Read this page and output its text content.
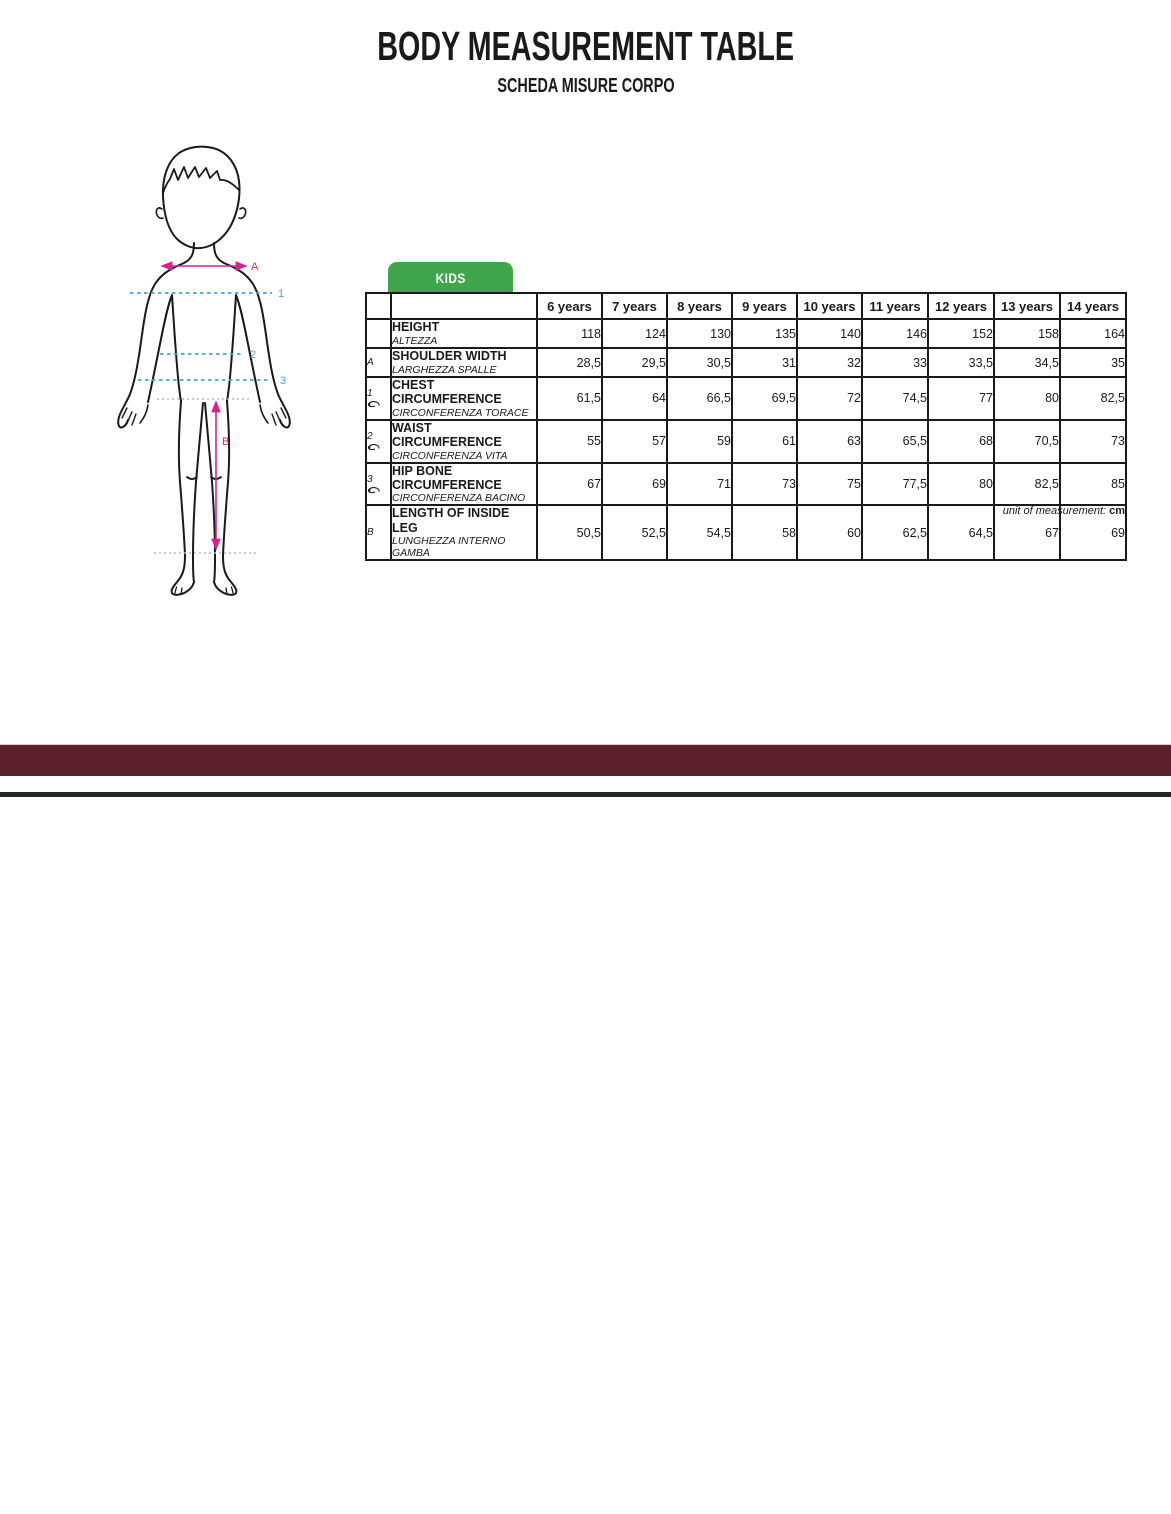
BODY MEASUREMENT TABLE
SCHEDA MISURE CORPO
A
1
2
3
B
KIDS
		6 years	7 years	8 years	9 years	10 years	11 years	12 years	13 years	14 years

	HEIGHT
ALTEZZA	118	124	130	135	140	146	152	158	164
A	SHOULDER WIDTH
LARGHEZZA SPALLE	28,5	29,5	30,5	31	32	33	33,5	34,5	35
1	CHEST CIRCUMFERENCE
CIRCONFERENZA TORACE	61,5	64	66,5	69,5	72	74,5	77	80	82,5
2	WAIST CIRCUMFERENCE
CIRCONFERENZA VITA	55	57	59	61	63	65,5	68	70,5	73
3	HIP BONE CIRCUMFERENCE
CIRCONFERENZA BACINO	67	69	71	73	75	77,5	80	82,5	85
B	LENGTH OF INSIDE LEG
LUNGHEZZA INTERNO GAMBA	50,5	52,5	54,5	58	60	62,5	64,5	67	69
unit of measurement: cm
